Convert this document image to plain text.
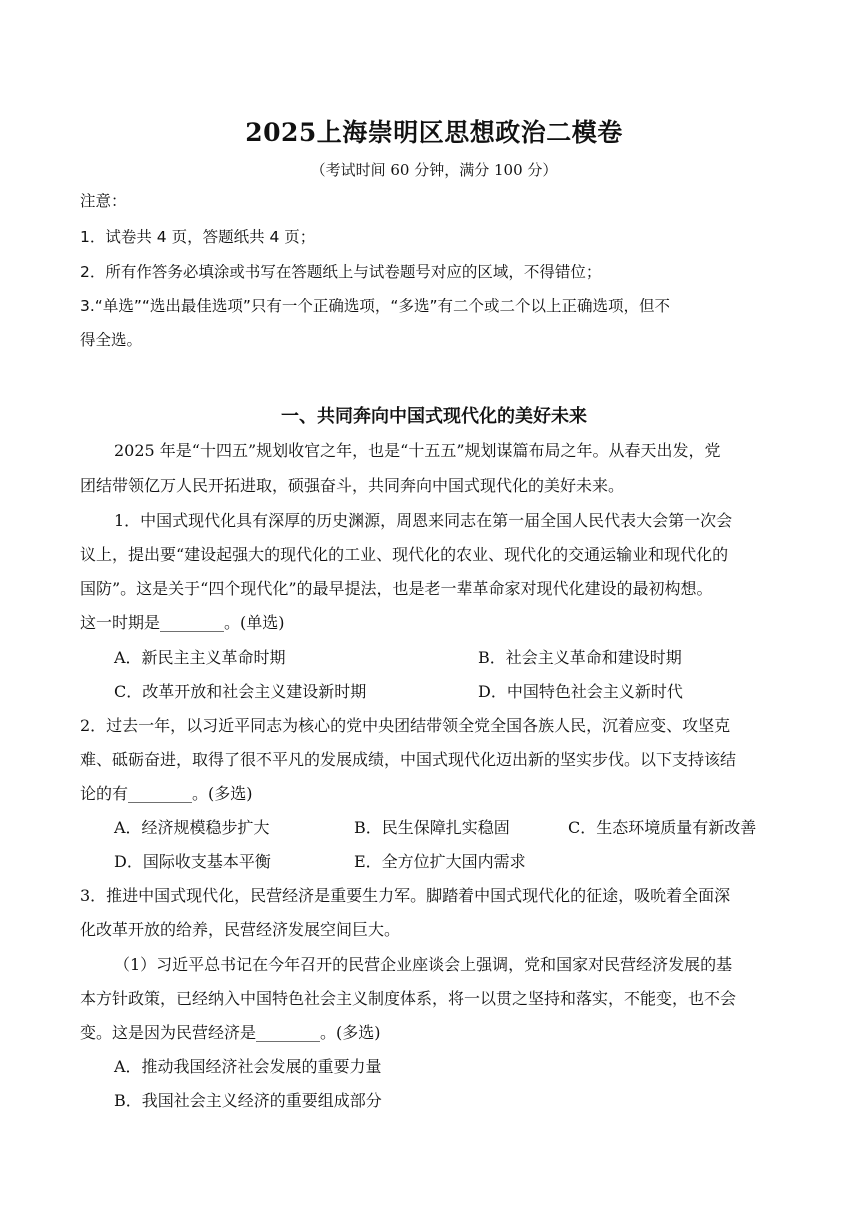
2025上海崇明区思想政治二模卷
（考试时间 60 分钟，满分 100 分）
注意：
1．试卷共 4 页，答题纸共 4 页；
2．所有作答务必填涂或书写在答题纸上与试卷题号对应的区域，不得错位；
3.“单选”“选出最佳选项”只有一个正确选项，“多选”有二个或二个以上正确选项，但不
得全选。
一、共同奔向中国式现代化的美好未来
2025 年是“十四五”规划收官之年，也是“十五五”规划谋篇布局之年。从春天出发，党
团结带领亿万人民开拓进取，硕强奋斗，共同奔向中国式现代化的美好未来。
1．中国式现代化具有深厚的历史渊源，周恩来同志在第一届全国人民代表大会第一次会
议上，提出要“建设起强大的现代化的工业、现代化的农业、现代化的交通运输业和现代化的
国防”。这是关于“四个现代化”的最早提法，也是老一辈革命家对现代化建设的最初构想。
这一时期是________。(单选)
A．新民主主义革命时期	B．社会主义革命和建设时期
C．改革开放和社会主义建设新时期	D．中国特色社会主义新时代
2．过去一年，以习近平同志为核心的党中央团结带领全党全国各族人民，沉着应变、攻坚克
难、砥砺奋进，取得了很不平凡的发展成绩，中国式现代化迈出新的坚实步伐。以下支持该结
论的有________。(多选)
A．经济规模稳步扩大	B．民生保障扎实稳固	C．生态环境质量有新改善
D．国际收支基本平衡	E．全方位扩大国内需求
3．推进中国式现代化，民营经济是重要生力军。脚踏着中国式现代化的征途，吸吮着全面深
化改革开放的给养，民营经济发展空间巨大。
（1）习近平总书记在今年召开的民营企业座谈会上强调，党和国家对民营经济发展的基
本方针政策，已经纳入中国特色社会主义制度体系，将一以贯之坚持和落实，不能变，也不会
变。这是因为民营经济是________。(多选)
A．推动我国经济社会发展的重要力量
B．我国社会主义经济的重要组成部分
